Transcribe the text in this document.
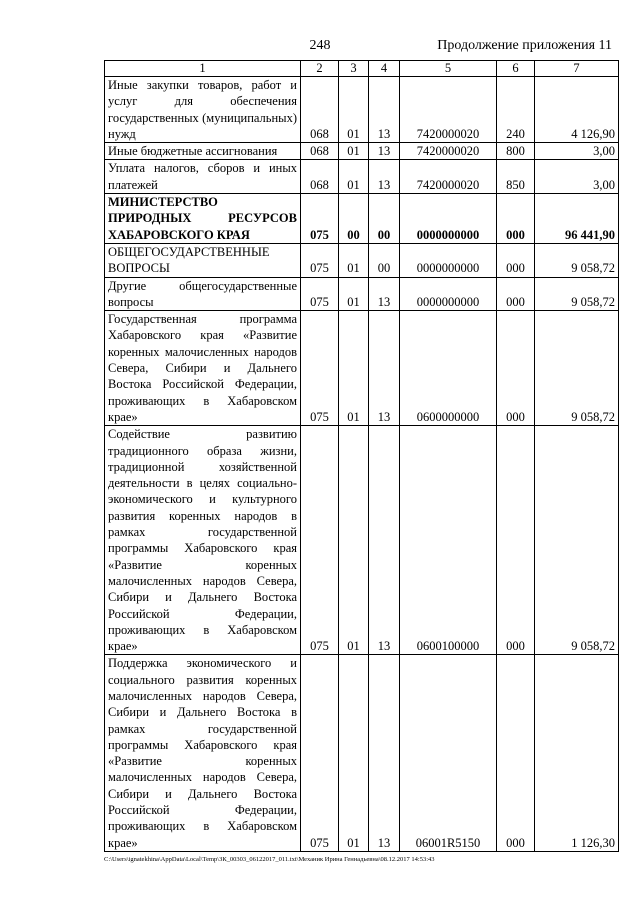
248	Продолжение приложения 11
1	2	3	4	5	6	7
Иные закупки товаров, работ и услуг для обеспечения государственных (муниципальных) нужд	068	01	13	7420000020	240	4 126,90
Иные бюджетные ассигнования	068	01	13	7420000020	800	3,00
Уплата налогов, сборов и иных платежей	068	01	13	7420000020	850	3,00
МИНИСТЕРСТВО ПРИРОДНЫХ РЕСУРСОВ ХАБАРОВСКОГО КРАЯ	075	00	00	0000000000	000	96 441,90
ОБЩЕГОСУДАРСТВЕННЫЕ ВОПРОСЫ	075	01	00	0000000000	000	9 058,72
Другие общегосударственные вопросы	075	01	13	0000000000	000	9 058,72
Государственная программа Хабаровского края «Развитие коренных малочисленных народов Севера, Сибири и Дальнего Востока Российской Федерации, проживающих в Хабаровском крае»	075	01	13	0600000000	000	9 058,72
Содействие развитию традиционного образа жизни, традиционной хозяйственной деятельности в целях социально-экономического и культурного развития коренных народов в рамках государственной программы Хабаровского края «Развитие коренных малочисленных народов Севера, Сибири и Дальнего Востока Российской Федерации, проживающих в Хабаровском крае»	075	01	13	0600100000	000	9 058,72
Поддержка экономического и социального развития коренных малочисленных народов Севера, Сибири и Дальнего Востока в рамках государственной программы Хабаровского края «Развитие коренных малочисленных народов Севера, Сибири и Дальнего Востока Российской Федерации, проживающих в Хабаровском крае»	075	01	13	06001R5150	000	1 126,30
C:\Users\ignatekhina\AppData\Local\Temp\ЗК_00303_06122017_011.txt\Механик Ирина Геннадьевна\08.12.2017 14:53:43
